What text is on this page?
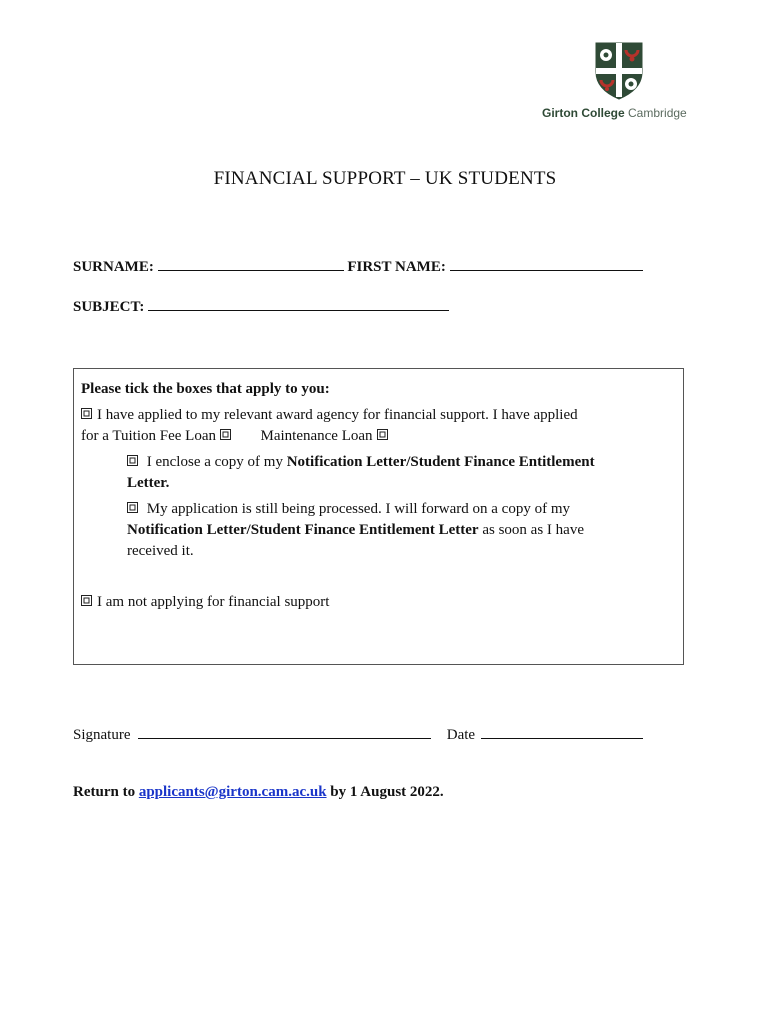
Girton College Cambridge
FINANCIAL SUPPORT – UK STUDENTS
SURNAME:	FIRST NAME:
SUBJECT:
Please tick the boxes that apply to you:
I have applied to my relevant award agency for financial support. I have applied
for a Tuition Fee Loan	Maintenance Loan
I enclose a copy of my Notification Letter/Student Finance Entitlement
Letter.
My application is still being processed. I will forward on a copy of my
Notification Letter/Student Finance Entitlement Letter as soon as I have
received it.
I am not applying for financial support
Signature	Date
Return to applicants@girton.cam.ac.uk by 1 August 2022.
